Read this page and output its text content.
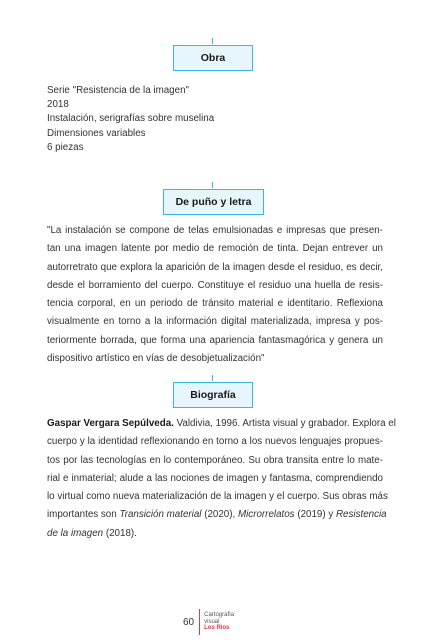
Obra
Serie "Resistencia de la imagen"
2018
Instalación, serigrafías sobre muselina
Dimensiones variables
6 piezas
De puño y letra
"La instalación se compone de telas emulsionadas e impresas que presen-
tan una imagen latente por medio de remoción de tinta. Dejan entrever un
autorretrato que explora la aparición de la imagen desde el residuo, es decir,
desde el borramiento del cuerpo. Constituye el residuo una huella de resis-
tencia corporal, en un periodo de tránsito material e identitario. Reflexiona
visualmente en torno a la información digital materializada, impresa y pos-
teriormente borrada, que forma una apariencia fantasmagórica y genera un
dispositivo artístico en vías de desobjetualización"
Biografía
Gaspar Vergara Sepúlveda. Valdivia, 1996. Artista visual y grabador. Explora el
cuerpo y la identidad reflexionando en torno a los nuevos lenguajes propues-
tos por las tecnologías en lo contemporáneo. Su obra transita entre lo mate-
rial e inmaterial; alude a las nociones de imagen y fantasma, comprendiendo
lo virtual como nueva materialización de la imagen y el cuerpo. Sus obras más
importantes son Transición material (2020), Microrrelatos (2019) y Resistencia
de la imagen (2018).
60
Cartografía
visual
Los Ríos
